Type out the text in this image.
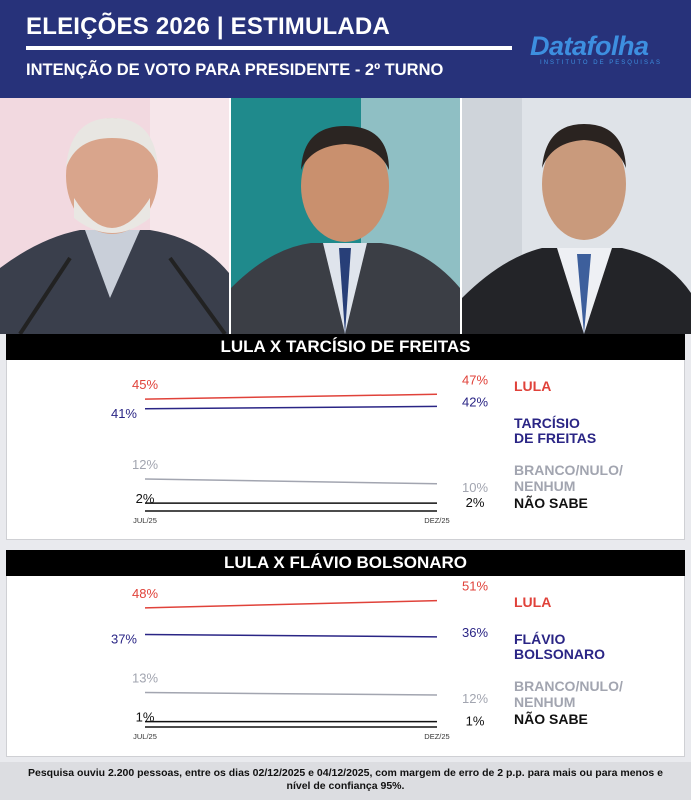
ELEIÇÕES 2026 | ESTIMULADA
INTENÇÃO DE VOTO PARA PRESIDENTE - 2º TURNO
Datafolha
INSTITUTO DE PESQUISAS
LULA X TARCÍSIO DE FREITAS
JUL/25	DEZ/25
45%	47% LULA
41%
42%
TARCÍSIO
DE FREITAS
12%
10%
BRANCO/NULO/
NENHUM
2%	2% NÃO SABE
LULA X FLÁVIO BOLSONARO
JUL/25	DEZ/25
48%	51%
LULA
37%	36% FLÁVIO
BOLSONARO
13%
12%
BRANCO/NULO/
NENHUM
1%	1% NÃO SABE
Pesquisa ouviu 2.200 pessoas, entre os dias 02/12/2025 e 04/12/2025, com margem de erro de 2 p.p. para mais ou para menos e nível de confiança 95%.
